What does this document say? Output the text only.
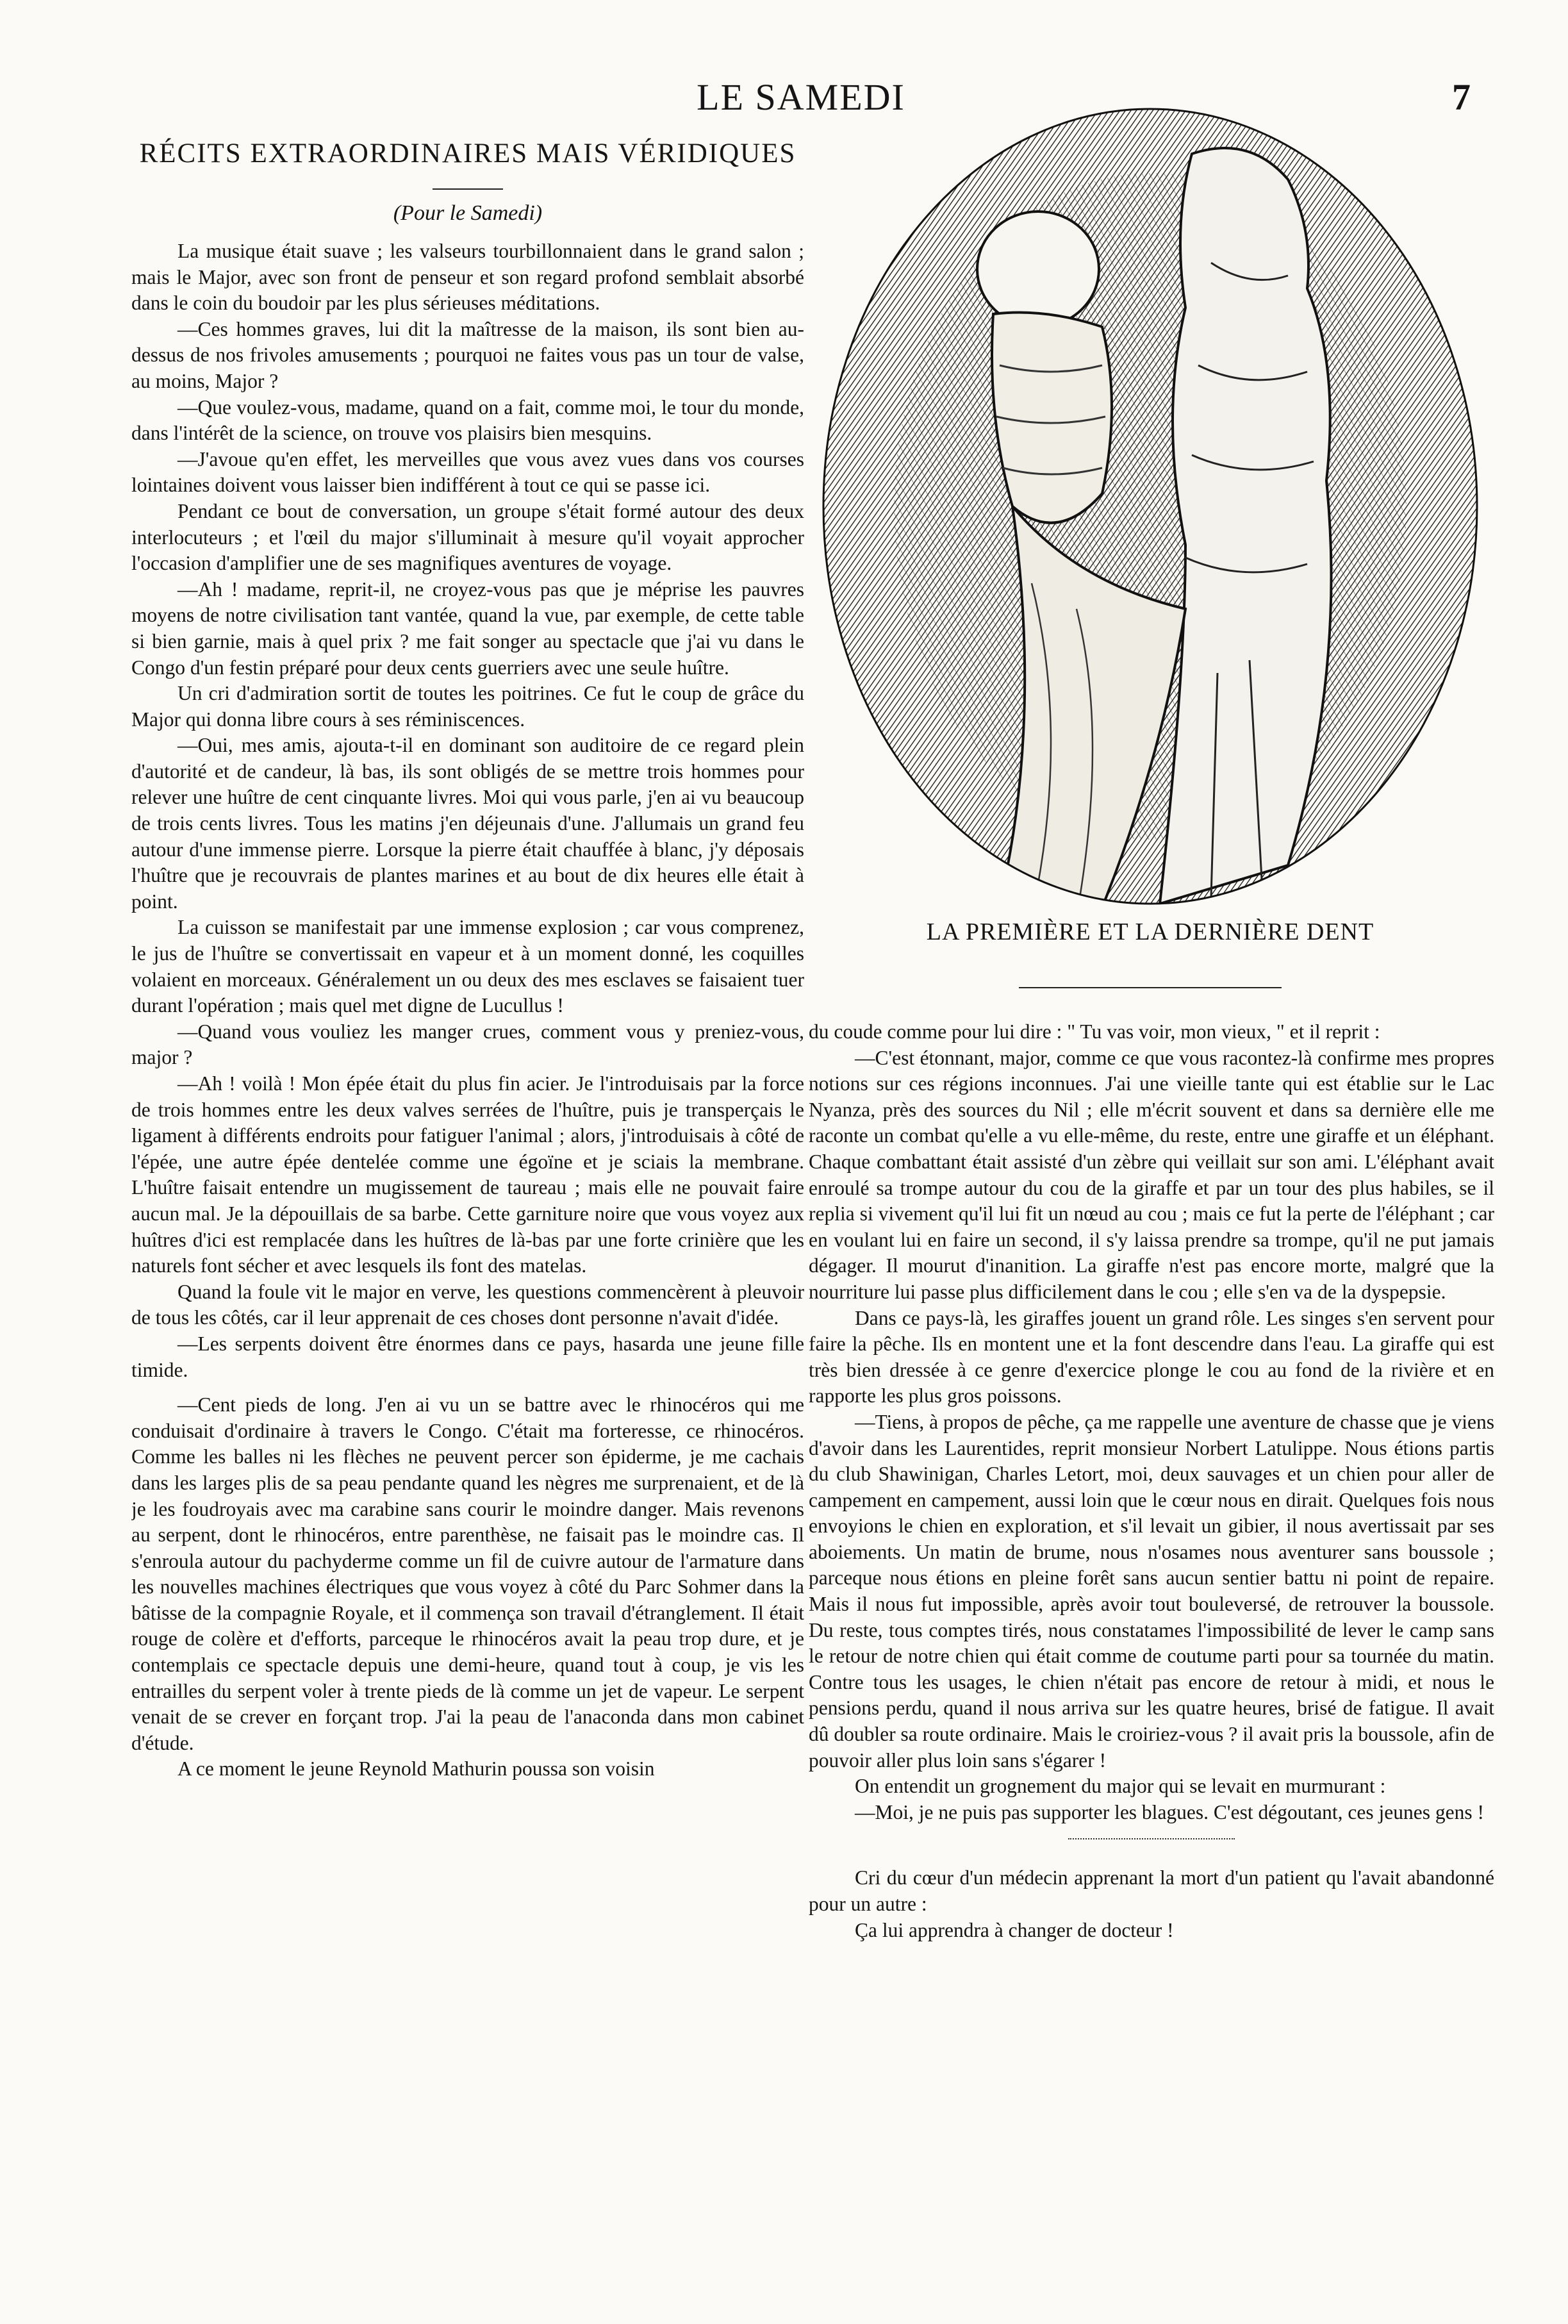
LE SAMEDI	7
RÉCITS EXTRAORDINAIRES MAIS VÉRIDIQUES
(Pour le Samedi)

La musique était suave ; les valseurs tourbillonnaient dans le grand salon ; mais le Major, avec son front de penseur et son regard profond semblait absorbé dans le coin du boudoir par les plus sérieuses méditations.

—Ces hommes graves, lui dit la maîtresse de la maison, ils sont bien au-dessus de nos frivoles amusements ; pourquoi ne faites vous pas un tour de valse, au moins, Major ?

—Que voulez-vous, madame, quand on a fait, comme moi, le tour du monde, dans l'intérêt de la science, on trouve vos plaisirs bien mesquins.

—J'avoue qu'en effet, les merveilles que vous avez vues dans vos courses lointaines doivent vous laisser bien indifférent à tout ce qui se passe ici.

Pendant ce bout de conversation, un groupe s'était formé autour des deux interlocuteurs ; et l'œil du major s'illuminait à mesure qu'il voyait approcher l'occasion d'amplifier une de ses magnifiques aventures de voyage.

—Ah ! madame, reprit-il, ne croyez-vous pas que je méprise les pauvres moyens de notre civilisation tant vantée, quand la vue, par exemple, de cette table si bien garnie, mais à quel prix ? me fait songer au spectacle que j'ai vu dans le Congo d'un festin préparé pour deux cents guerriers avec une seule huître.

Un cri d'admiration sortit de toutes les poitrines. Ce fut le coup de grâce du Major qui donna libre cours à ses réminiscences.

—Oui, mes amis, ajouta-t-il en dominant son auditoire de ce regard plein d'autorité et de candeur, là bas, ils sont obligés de se mettre trois hommes pour relever une huître de cent cinquante livres. Moi qui vous parle, j'en ai vu beaucoup de trois cents livres. Tous les matins j'en déjeunais d'une. J'allumais un grand feu autour d'une immense pierre. Lorsque la pierre était chauffée à blanc, j'y déposais l'huître que je recouvrais de plantes marines et au bout de dix heures elle était à point.

La cuisson se manifestait par une immense explosion ; car vous comprenez, le jus de l'huître se convertissait en vapeur et à un moment donné, les coquilles volaient en morceaux. Généralement un ou deux des mes esclaves se faisaient tuer durant l'opération ; mais quel met digne de Lucullus !

—Quand vous vouliez les manger crues, comment vous y preniez-vous, major ?

—Ah ! voilà ! Mon épée était du plus fin acier. Je l'introduisais par la force de trois hommes entre les deux valves serrées de l'huître, puis je transperçais le ligament à différents endroits pour fatiguer l'animal ; alors, j'introduisais à côté de l'épée, une autre épée dentelée comme une égoïne et je sciais la membrane. L'huître faisait entendre un mugissement de taureau ; mais elle ne pouvait faire aucun mal. Je la dépouillais de sa barbe. Cette garniture noire que vous voyez aux huîtres d'ici est remplacée dans les huîtres de là-bas par une forte crinière que les naturels font sécher et avec lesquels ils font des matelas.

Quand la foule vit le major en verve, les questions commencèrent à pleuvoir de tous les côtés, car il leur apprenait de ces choses dont personne n'avait d'idée.

—Les serpents doivent être énormes dans ce pays, hasarda une jeune fille timide.

—Cent pieds de long. J'en ai vu un se battre avec le rhinocéros qui me conduisait d'ordinaire à travers le Congo. C'était ma forteresse, ce rhinocéros. Comme les balles ni les flèches ne peuvent percer son épiderme, je me cachais dans les larges plis de sa peau pendante quand les nègres me surprenaient, et de là je les foudroyais avec ma carabine sans courir le moindre danger. Mais revenons au serpent, dont le rhinocéros, entre parenthèse, ne faisait pas le moindre cas. Il s'enroula autour du pachyderme comme un fil de cuivre autour de l'armature dans les nouvelles machines électriques que vous voyez à côté du Parc Sohmer dans la bâtisse de la compagnie Royale, et il commença son travail d'étranglement. Il était rouge de colère et d'efforts, parceque le rhinocéros avait la peau trop dure, et je contemplais ce spectacle depuis une demi-heure, quand tout à coup, je vis les entrailles du serpent voler à trente pieds de là comme un jet de vapeur. Le serpent venait de se crever en forçant trop. J'ai la peau de l'anaconda dans mon cabinet d'étude.

A ce moment le jeune Reynold Mathurin poussa son voisin

LA PREMIÈRE ET LA DERNIÈRE DENT

du coude comme pour lui dire : " Tu vas voir, mon vieux, " et il reprit :

—C'est étonnant, major, comme ce que vous racontez-là confirme mes propres notions sur ces régions inconnues. J'ai une vieille tante qui est établie sur le Lac Nyanza, près des sources du Nil ; elle m'écrit souvent et dans sa dernière elle me raconte un combat qu'elle a vu elle-même, du reste, entre une giraffe et un éléphant. Chaque combattant était assisté d'un zèbre qui veillait sur son ami. L'éléphant avait enroulé sa trompe autour du cou de la giraffe et par un tour des plus habiles, se il replia si vivement qu'il lui fit un nœud au cou ; mais ce fut la perte de l'éléphant ; car en voulant lui en faire un second, il s'y laissa prendre sa trompe, qu'il ne put jamais dégager. Il mourut d'inanition. La giraffe n'est pas encore morte, malgré que la nourriture lui passe plus difficilement dans le cou ; elle s'en va de la dyspepsie.

Dans ce pays-là, les giraffes jouent un grand rôle. Les singes s'en servent pour faire la pêche. Ils en montent une et la font descendre dans l'eau. La giraffe qui est très bien dressée à ce genre d'exercice plonge le cou au fond de la rivière et en rapporte les plus gros poissons.

—Tiens, à propos de pêche, ça me rappelle une aventure de chasse que je viens d'avoir dans les Laurentides, reprit monsieur Norbert Latulippe. Nous étions partis du club Shawinigan, Charles Letort, moi, deux sauvages et un chien pour aller de campement en campement, aussi loin que le cœur nous en dirait. Quelques fois nous envoyions le chien en exploration, et s'il levait un gibier, il nous avertissait par ses aboiements. Un matin de brume, nous n'osames nous aventurer sans boussole ; parceque nous étions en pleine forêt sans aucun sentier battu ni point de repaire. Mais il nous fut impossible, après avoir tout bouleversé, de retrouver la boussole. Du reste, tous comptes tirés, nous constatames l'impossibilité de lever le camp sans le retour de notre chien qui était comme de coutume parti pour sa tournée du matin. Contre tous les usages, le chien n'était pas encore de retour à midi, et nous le pensions perdu, quand il nous arriva sur les quatre heures, brisé de fatigue. Il avait dû doubler sa route ordinaire. Mais le croiriez-vous ? il avait pris la boussole, afin de pouvoir aller plus loin sans s'égarer !

On entendit un grognement du major qui se levait en murmurant :

—Moi, je ne puis pas supporter les blagues. C'est dégoutant, ces jeunes gens !

Cri du cœur d'un médecin apprenant la mort d'un patient qu l'avait abandonné pour un autre :

Ça lui apprendra à changer de docteur !
